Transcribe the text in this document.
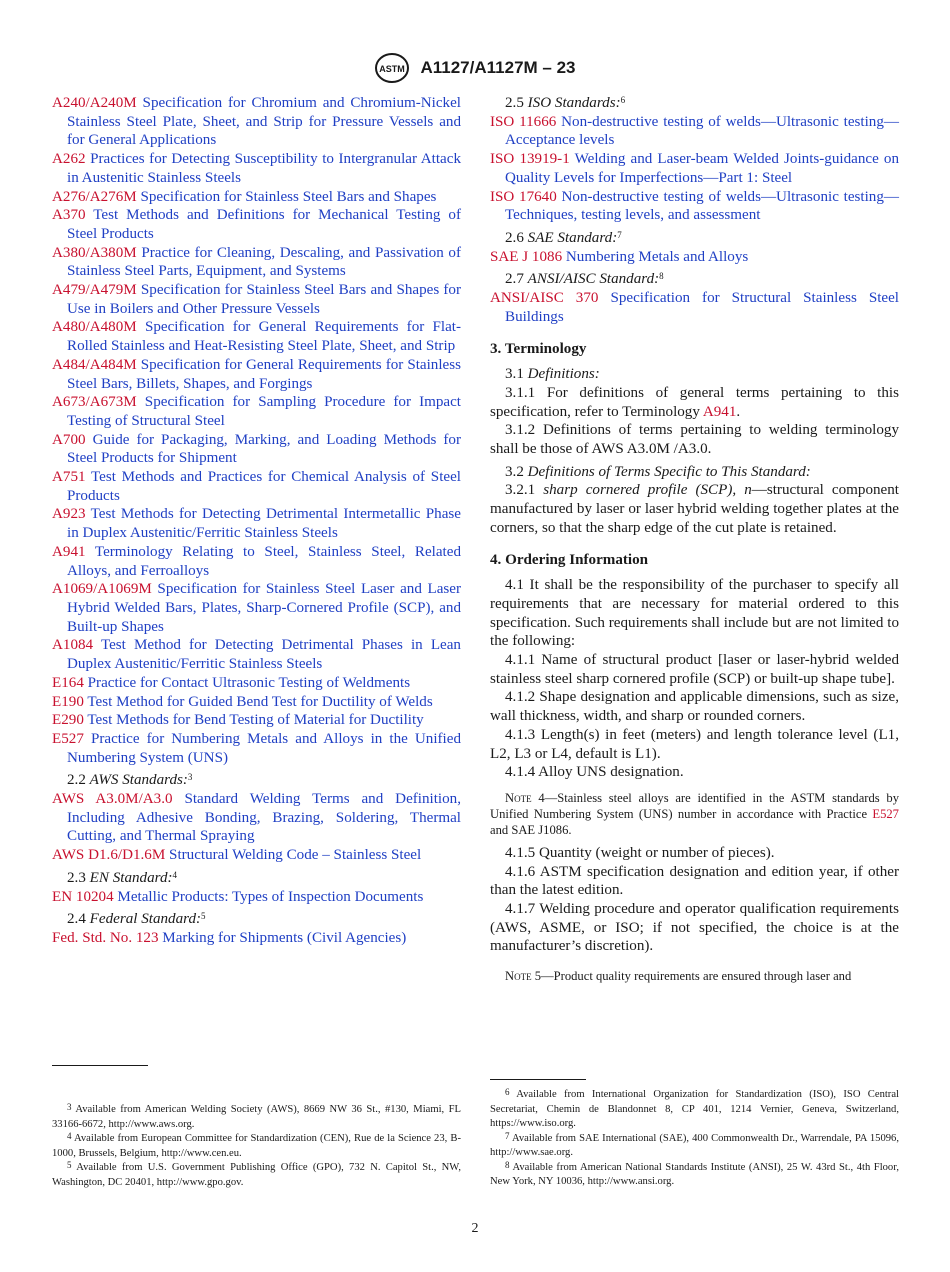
ASTM A1127/A1127M – 23
A240/A240M Specification for Chromium and Chromium-Nickel Stainless Steel Plate, Sheet, and Strip for Pressure Vessels and for General Applications
A262 Practices for Detecting Susceptibility to Intergranular Attack in Austenitic Stainless Steels
A276/A276M Specification for Stainless Steel Bars and Shapes
A370 Test Methods and Definitions for Mechanical Testing of Steel Products
A380/A380M Practice for Cleaning, Descaling, and Passivation of Stainless Steel Parts, Equipment, and Systems
A479/A479M Specification for Stainless Steel Bars and Shapes for Use in Boilers and Other Pressure Vessels
A480/A480M Specification for General Requirements for Flat-Rolled Stainless and Heat-Resisting Steel Plate, Sheet, and Strip
A484/A484M Specification for General Requirements for Stainless Steel Bars, Billets, Shapes, and Forgings
A673/A673M Specification for Sampling Procedure for Impact Testing of Structural Steel
A700 Guide for Packaging, Marking, and Loading Methods for Steel Products for Shipment
A751 Test Methods and Practices for Chemical Analysis of Steel Products
A923 Test Methods for Detecting Detrimental Intermetallic Phase in Duplex Austenitic/Ferritic Stainless Steels
A941 Terminology Relating to Steel, Stainless Steel, Related Alloys, and Ferroalloys
A1069/A1069M Specification for Stainless Steel Laser and Laser Hybrid Welded Bars, Plates, Sharp-Cornered Profile (SCP), and Built-up Shapes
A1084 Test Method for Detecting Detrimental Phases in Lean Duplex Austenitic/Ferritic Stainless Steels
E164 Practice for Contact Ultrasonic Testing of Weldments
E190 Test Method for Guided Bend Test for Ductility of Welds
E290 Test Methods for Bend Testing of Material for Ductility
E527 Practice for Numbering Metals and Alloys in the Unified Numbering System (UNS)
2.2 AWS Standards:$^3$
AWS A3.0M/A3.0 Standard Welding Terms and Definition, Including Adhesive Bonding, Brazing, Soldering, Thermal Cutting, and Thermal Spraying
AWS D1.6/D1.6M Structural Welding Code – Stainless Steel
2.3 EN Standard:$^4$
EN 10204 Metallic Products: Types of Inspection Documents
2.4 Federal Standard:$^5$
Fed. Std. No. 123 Marking for Shipments (Civil Agencies)
2.5 ISO Standards:$^6$
ISO 11666 Non-destructive testing of welds—Ultrasonic testing—Acceptance levels
ISO 13919-1 Welding and Laser-beam Welded Joints-guidance on Quality Levels for Imperfections—Part 1: Steel
ISO 17640 Non-destructive testing of welds—Ultrasonic testing—Techniques, testing levels, and assessment
2.6 SAE Standard:$^7$
SAE J 1086 Numbering Metals and Alloys
2.7 ANSI/AISC Standard:$^8$
ANSI/AISC 370 Specification for Structural Stainless Steel Buildings
3. Terminology
3.1 Definitions:
3.1.1 For definitions of general terms pertaining to this specification, refer to Terminology A941.
3.1.2 Definitions of terms pertaining to welding terminology shall be those of AWS A3.0M /A3.0.
3.2 Definitions of Terms Specific to This Standard:
3.2.1 sharp cornered profile (SCP), n—structural component manufactured by laser or laser hybrid welding together plates at the corners, so that the sharp edge of the cut plate is retained.
4. Ordering Information
4.1 It shall be the responsibility of the purchaser to specify all requirements that are necessary for material ordered to this specification. Such requirements shall include but are not limited to the following:
4.1.1 Name of structural product [laser or laser-hybrid welded stainless steel sharp cornered profile (SCP) or built-up shape tube].
4.1.2 Shape designation and applicable dimensions, such as size, wall thickness, width, and sharp or rounded corners.
4.1.3 Length(s) in feet (meters) and length tolerance level (L1, L2, L3 or L4, default is L1).
4.1.4 Alloy UNS designation.
Note 4—Stainless steel alloys are identified in the ASTM standards by Unified Numbering System (UNS) number in accordance with Practice E527 and SAE J1086.
4.1.5 Quantity (weight or number of pieces).
4.1.6 ASTM specification designation and edition year, if other than the latest edition.
4.1.7 Welding procedure and operator qualification requirements (AWS, ASME, or ISO; if not specified, the choice is at the manufacturer’s discretion).
Note 5—Product quality requirements are ensured through laser and
$^3$ Available from American Welding Society (AWS), 8669 NW 36 St., #130, Miami, FL 33166-6672, http://www.aws.org.
$^4$ Available from European Committee for Standardization (CEN), Rue de la Science 23, B-1000, Brussels, Belgium, http://www.cen.eu.
$^5$ Available from U.S. Government Publishing Office (GPO), 732 N. Capitol St., NW, Washington, DC 20401, http://www.gpo.gov.
$^6$ Available from International Organization for Standardization (ISO), ISO Central Secretariat, Chemin de Blandonnet 8, CP 401, 1214 Vernier, Geneva, Switzerland, https://www.iso.org.
$^7$ Available from SAE International (SAE), 400 Commonwealth Dr., Warrendale, PA 15096, http://www.sae.org.
$^8$ Available from American National Standards Institute (ANSI), 25 W. 43rd St., 4th Floor, New York, NY 10036, http://www.ansi.org.
2
